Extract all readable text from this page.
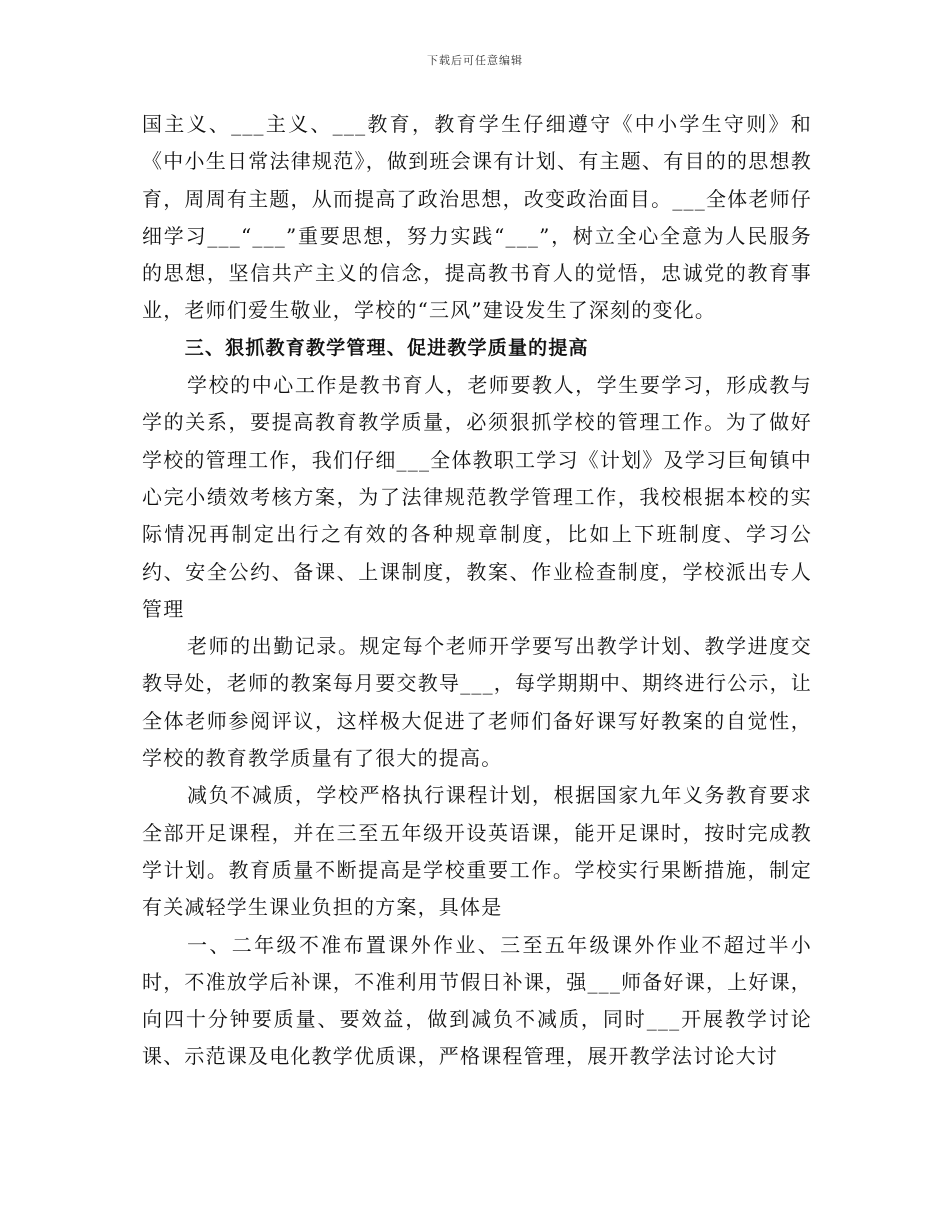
下载后可任意编辑

国主义、___主义、___教育，教育学生仔细遵守《中小学生守则》和《中小生日常法律规范》，做到班会课有计划、有主题、有目的的思想教育，周周有主题，从而提高了政治思想，改变政治面目。___全体老师仔细学习___“___”重要思想，努力实践“___”，树立全心全意为人民服务的思想，坚信共产主义的信念，提高教书育人的觉悟，忠诚党的教育事业，老师们爱生敬业，学校的“三风”建设发生了深刻的变化。

三、狠抓教育教学管理、促进教学质量的提高

学校的中心工作是教书育人，老师要教人，学生要学习，形成教与学的关系，要提高教育教学质量，必须狠抓学校的管理工作。为了做好学校的管理工作，我们仔细___全体教职工学习《计划》及学习巨甸镇中心完小绩效考核方案，为了法律规范教学管理工作，我校根据本校的实际情况再制定出行之有效的各种规章制度，比如上下班制度、学习公约、安全公约、备课、上课制度，教案、作业检查制度，学校派出专人管理

老师的出勤记录。规定每个老师开学要写出教学计划、教学进度交教导处，老师的教案每月要交教导___，每学期期中、期终进行公示，让全体老师参阅评议，这样极大促进了老师们备好课写好教案的自觉性，学校的教育教学质量有了很大的提高。

减负不减质，学校严格执行课程计划，根据国家九年义务教育要求全部开足课程，并在三至五年级开设英语课，能开足课时，按时完成教学计划。教育质量不断提高是学校重要工作。学校实行果断措施，制定有关减轻学生课业负担的方案，具体是

一、二年级不准布置课外作业、三至五年级课外作业不超过半小时，不准放学后补课，不准利用节假日补课，强___师备好课，上好课，向四十分钟要质量、要效益，做到减负不减质，同时___开展教学讨论课、示范课及电化教学优质课，严格课程管理，展开教学法讨论大讨
